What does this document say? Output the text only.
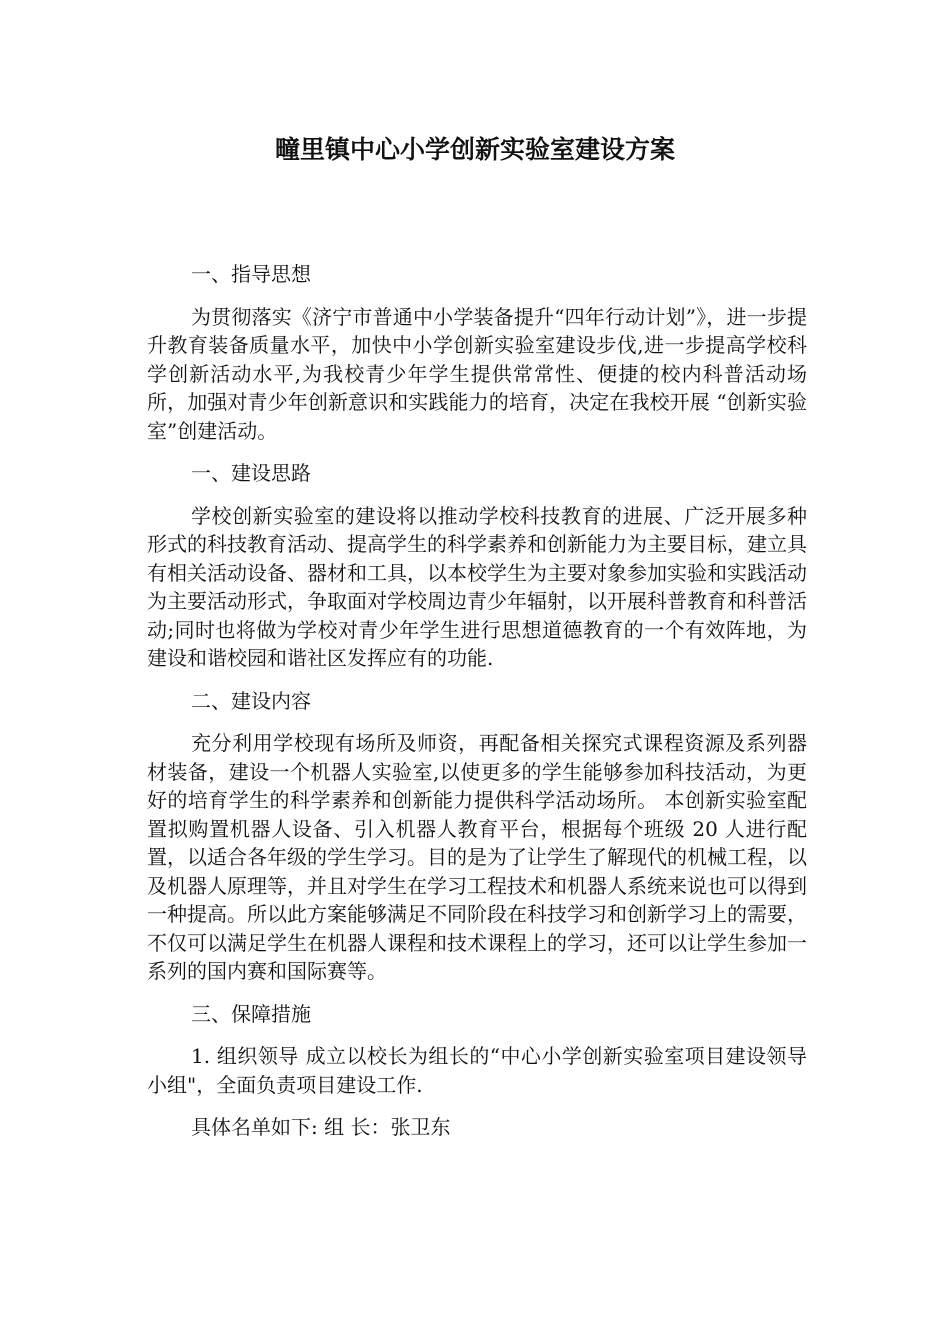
疃里镇中心小学创新实验室建设方案

一、指导思想

为贯彻落实《济宁市普通中小学装备提升“四年行动计划”》，进一步提升教育装备质量水平，加快中小学创新实验室建设步伐,进一步提高学校科学创新活动水平,为我校青少年学生提供常常性、便捷的校内科普活动场所，加强对青少年创新意识和实践能力的培育，决定在我校开展 “创新实验室”创建活动。

一、建设思路

学校创新实验室的建设将以推动学校科技教育的进展、广泛开展多种形式的科技教育活动、提高学生的科学素养和创新能力为主要目标，建立具有相关活动设备、器材和工具，以本校学生为主要对象参加实验和实践活动为主要活动形式，争取面对学校周边青少年辐射，以开展科普教育和科普活动;同时也将做为学校对青少年学生进行思想道德教育的一个有效阵地，为建设和谐校园和谐社区发挥应有的功能.

二、建设内容

充分利用学校现有场所及师资，再配备相关探究式课程资源及系列器材装备，建设一个机器人实验室,以使更多的学生能够参加科技活动，为更好的培育学生的科学素养和创新能力提供科学活动场所。 本创新实验室配置拟购置机器人设备、引入机器人教育平台，根据每个班级 20 人进行配置，以适合各年级的学生学习。目的是为了让学生了解现代的机械工程，以及机器人原理等，并且对学生在学习工程技术和机器人系统来说也可以得到一种提高。所以此方案能够满足不同阶段在科技学习和创新学习上的需要，不仅可以满足学生在机器人课程和技术课程上的学习，还可以让学生参加一系列的国内赛和国际赛等。

三、保障措施

1. 组织领导 成立以校长为组长的“中心小学创新实验室项目建设领导小组"，全面负责项目建设工作.

具体名单如下: 组 长：张卫东
